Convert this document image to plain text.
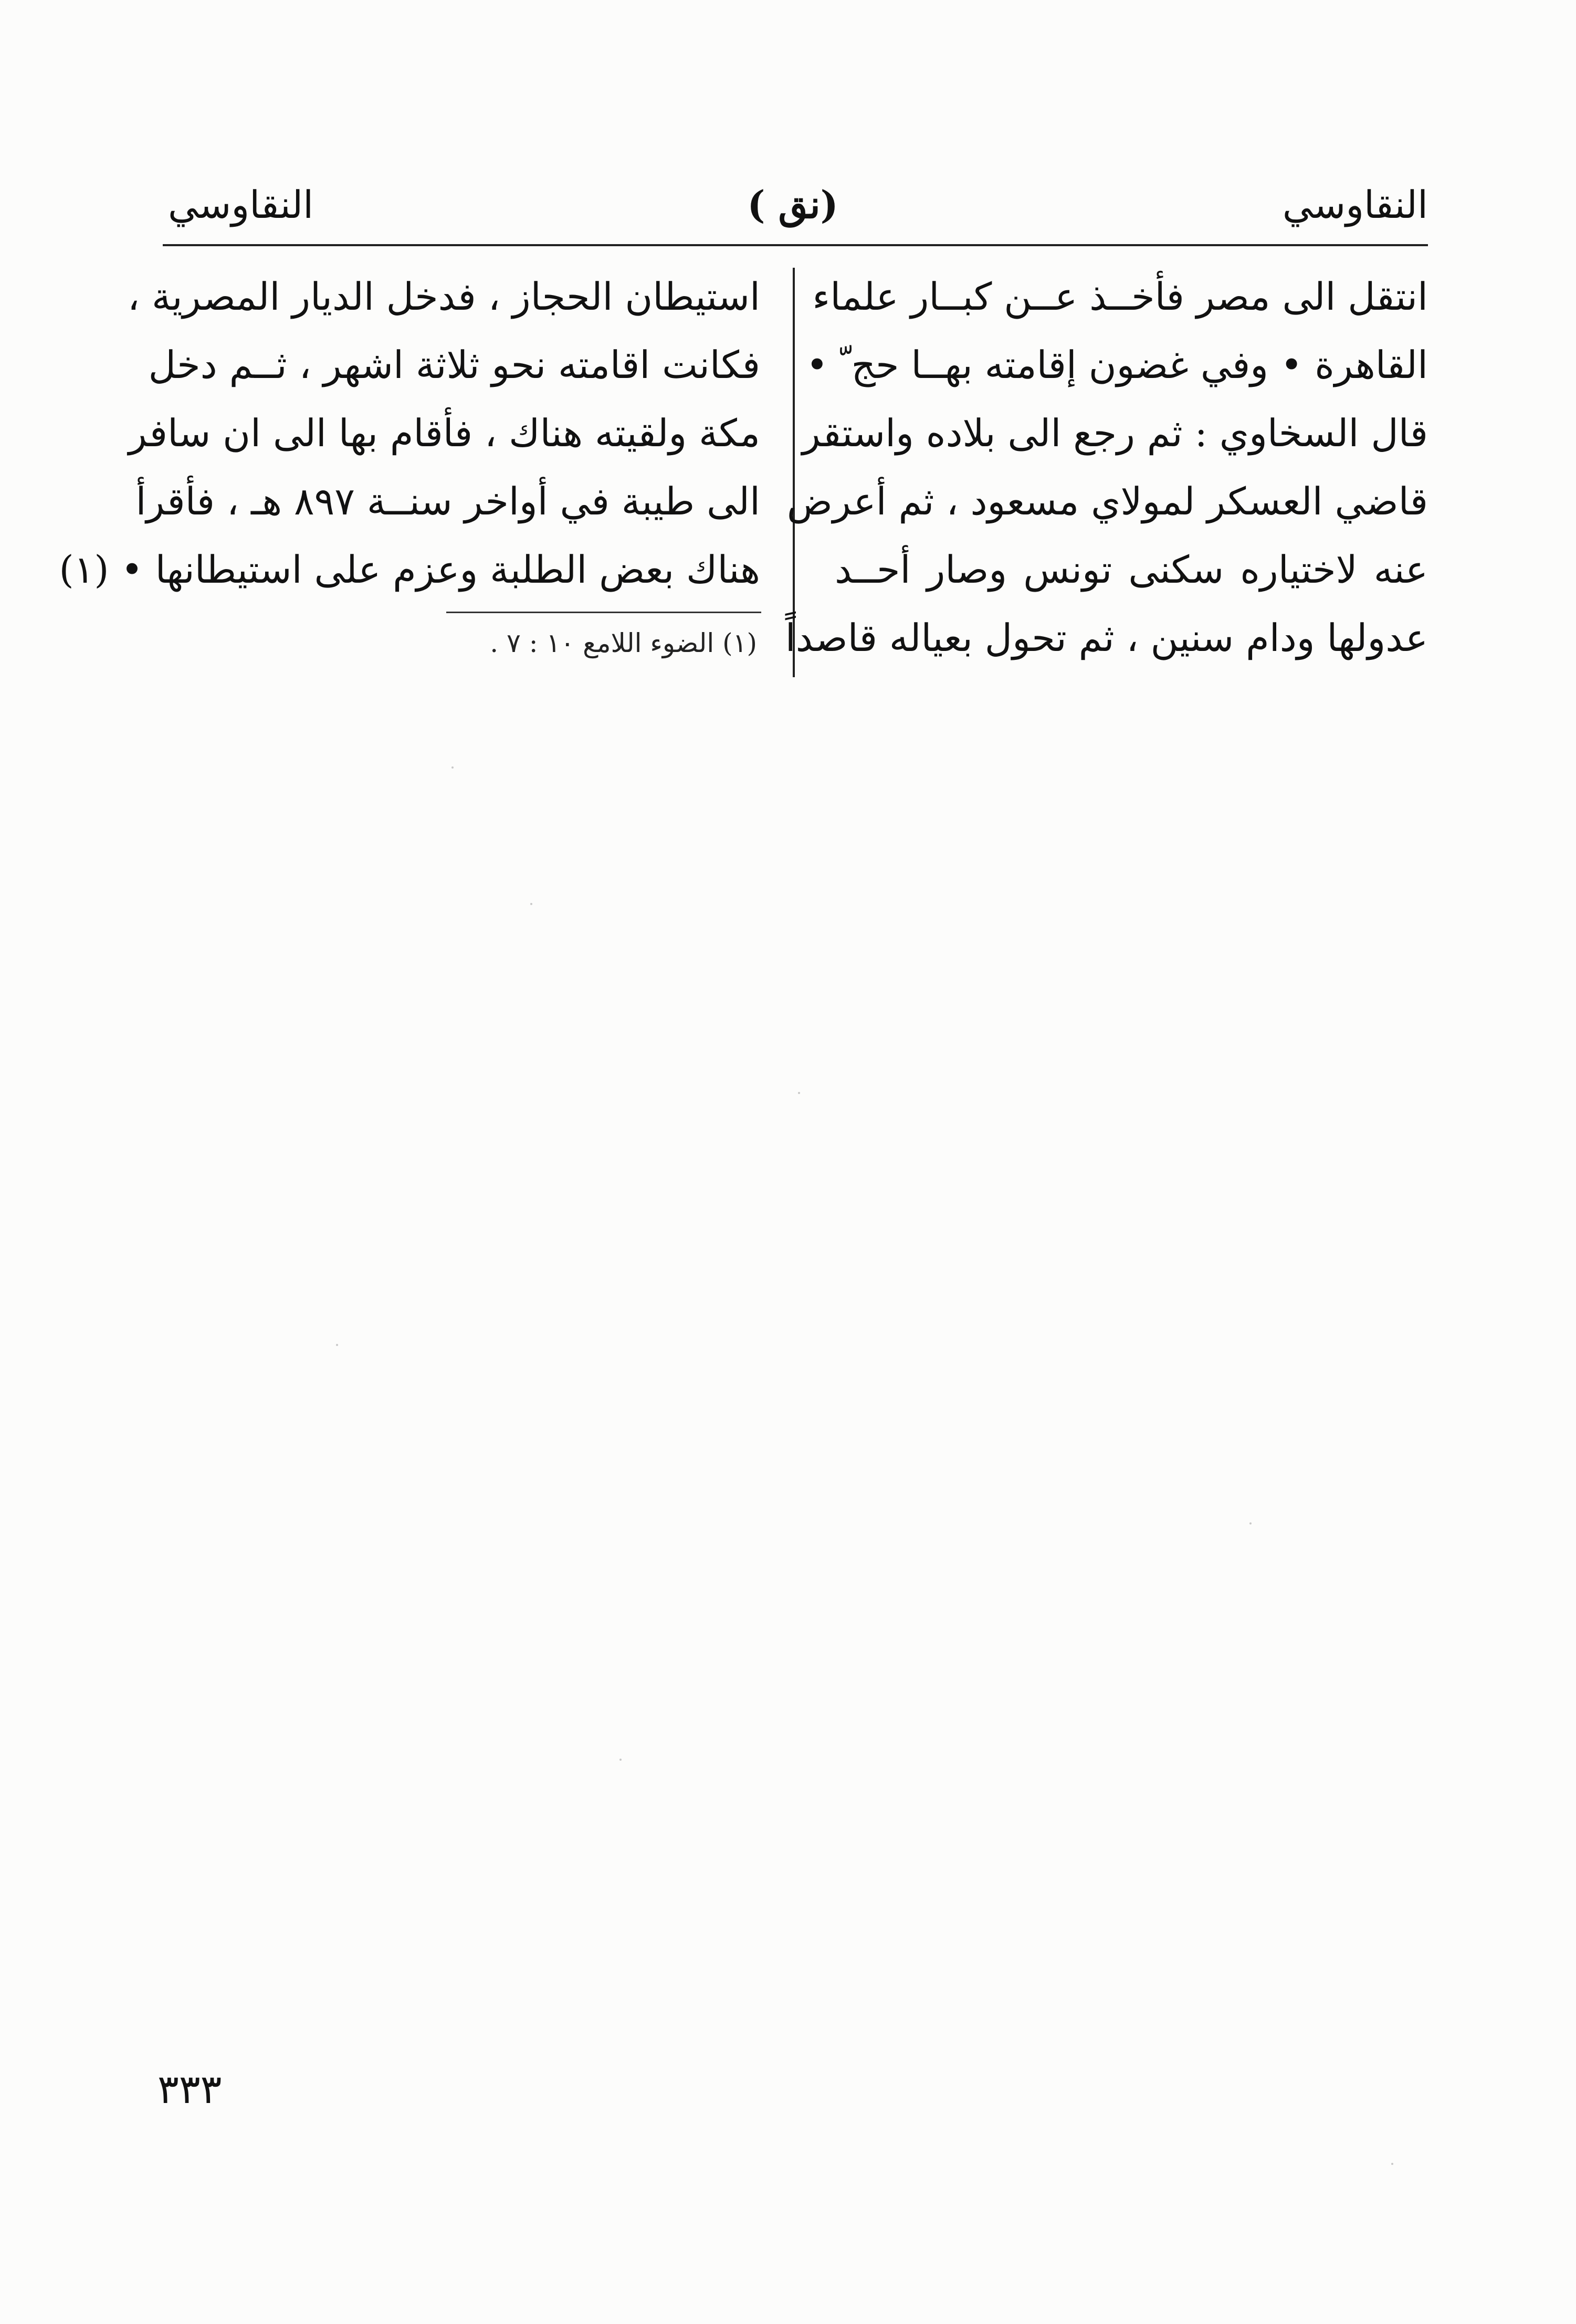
النقاوسي
(نق )
النقاوسي
انتقل الى مصر فأخــذ عــن كبــار علماء
القاهرة • وفي غضون إقامته بهــا حج ّ •
قال السخاوي : ثم رجع الى بلاده واستقر
قاضي العسكر لمولاي مسعود ، ثم أعرض
عنه لاختياره سكنى تونس وصار أحــد
عدولها ودام سنين ، ثم تحول بعياله قاصداً
استيطان الحجاز ، فدخل الديار المصرية ،
فكانت اقامته نحو ثلاثة اشهر ، ثــم دخل
مكة ولقيته هناك ، فأقام بها الى ان سافر
الى طيبة في أواخر سنــة ٨٩٧ هـ ، فأقرأ
هناك بعض الطلبة وعزم على استيطانها • (١)
(١) الضوء اللامع ١٠ : ٧ .
٣٣٣
